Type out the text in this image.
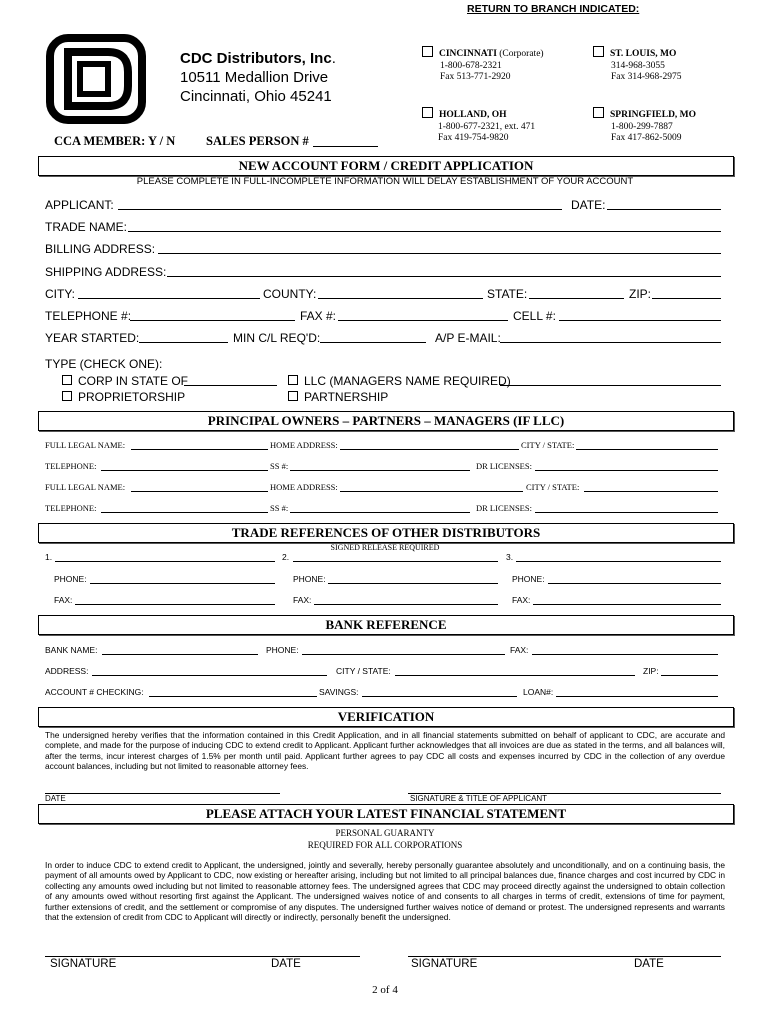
CDC Distributors, Inc.
10511 Medallion Drive
Cincinnati, Ohio 45241
CCA MEMBER: Y / N SALES PERSON #
RETURN TO BRANCH INDICATED:
CINCINNATI (Corporate)
1-800-678-2321
Fax 513-771-2920
ST. LOUIS, MO
314-968-3055
Fax 314-968-2975
HOLLAND, OH
1-800-677-2321, ext. 471
Fax 419-754-9820
SPRINGFIELD, MO
1-800-299-7887
Fax 417-862-5009
NEW ACCOUNT FORM / CREDIT APPLICATION
PLEASE COMPLETE IN FULL-INCOMPLETE INFORMATION WILL DELAY ESTABLISHMENT OF YOUR ACCOUNT
APPLICANT:	DATE:
TRADE NAME:
BILLING ADDRESS:
SHIPPING ADDRESS:
CITY:	COUNTY:	STATE:	ZIP:
TELEPHONE #:	FAX #:	CELL #:
YEAR STARTED:	MIN C/L REQ'D:	A/P E-MAIL:
TYPE (CHECK ONE):
CORP IN STATE OF	LLC (MANAGERS NAME REQUIRED)
PROPRIETORSHIP	PARTNERSHIP
PRINCIPAL OWNERS – PARTNERS – MANAGERS (IF LLC)
FULL LEGAL NAME:	HOME ADDRESS:	CITY / STATE:
TELEPHONE:	SS #:	DR LICENSES:
FULL LEGAL NAME:	HOME ADDRESS:	CITY / STATE:
TELEPHONE:	SS #:	DR LICENSES:
TRADE REFERENCES OF OTHER DISTRIBUTORS
SIGNED RELEASE REQUIRED
1.	2.	3.
PHONE:	PHONE:	PHONE:
FAX:	FAX:	FAX:
BANK REFERENCE
BANK NAME:	PHONE:	FAX:
ADDRESS:	CITY / STATE:	ZIP:
ACCOUNT # CHECKING:	SAVINGS:	LOAN#:
VERIFICATION
The undersigned hereby verifies that the information contained in this Credit Application, and in all financial statements submitted on behalf of applicant to CDC, are accurate and complete, and made for the purpose of inducing CDC to extend credit to Applicant. Applicant further acknowledges that all invoices are due as stated in the terms, and all balances will, after the terms, incur interest charges of 1.5% per month until paid. Applicant further agrees to pay CDC all costs and expenses incurred by CDC in the collection of any overdue account balances, including but not limited to reasonable attorney fees.
DATE	SIGNATURE & TITLE OF APPLICANT
PLEASE ATTACH YOUR LATEST FINANCIAL STATEMENT
PERSONAL GUARANTY
REQUIRED FOR ALL CORPORATIONS
In order to induce CDC to extend credit to Applicant, the undersigned, jointly and severally, hereby personally guarantee absolutely and unconditionally, and on a continuing basis, the payment of all amounts owed by Applicant to CDC, now existing or hereafter arising, including but not limited to all principal balances due, finance charges and cost incurred by CDC in collecting any amounts owed including but not limited to reasonable attorney fees. The undersigned agrees that CDC may proceed directly against the undersigned to obtain collection of any amounts owed without resorting first against the Applicant. The undersigned waives notice of and consents to all charges in terms of credit, extensions of time for payment, further extensions of credit, and the settlement or compromise of any disputes. The undersigned further waives notice of demand or protest. The undersigned represents and warrants that the extension of credit from CDC to Applicant will directly or indirectly, personally benefit the undersigned.
SIGNATURE	DATE	SIGNATURE	DATE
2 of 4
